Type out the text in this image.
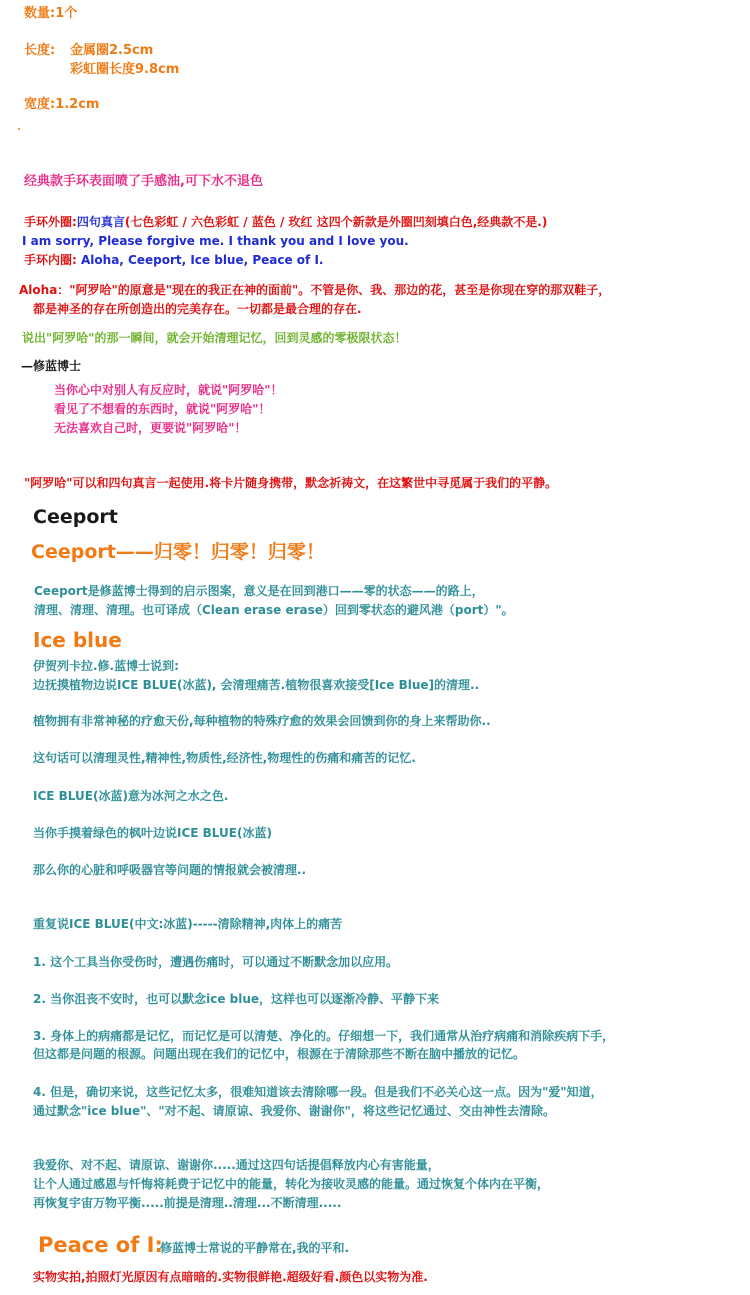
数量:1个

长度: 金属圈2.5cm

彩虹圈长度9.8cm

宽度:1.2cm

经典款手环表面喷了手感油,可下水不退色

手环外圈:四句真言(七色彩虹 / 六色彩虹 / 蓝色 / 玫红 这四个新款是外圈凹刻填白色,经典款不是.)

I am sorry, Please forgive me. I thank you and I love you.

手环内圈: Aloha, Ceeport, Ice blue, Peace of I.

Aloha："阿罗哈"的原意是"现在的我正在神的面前"。不管是你、我、那边的花，甚至是你现在穿的那双鞋子，

都是神圣的存在所创造出的完美存在。一切都是最合理的存在.

说出"阿罗哈"的那一瞬间，就会开始清理记忆，回到灵感的零极限状态！

—修蓝博士

当你心中对别人有反应时，就说"阿罗哈"！

看见了不想看的东西时，就说"阿罗哈"！

无法喜欢自己时，更要说"阿罗哈"！

"阿罗哈"可以和四句真言一起使用.将卡片随身携带，默念祈祷文，在这繁世中寻觅属于我们的平静。

Ceeport

Ceeport——归零！归零！归零！

Ceeport是修蓝博士得到的启示图案，意义是在回到港口——零的状态——的路上，

清理、清理、清理。也可译成（Clean erase erase）回到零状态的避风港（port）"。

Ice blue

伊贺列卡拉.修.蓝博士说到:

边抚摸植物边说ICE BLUE(冰蓝), 会清理痛苦.植物很喜欢接受[Ice Blue]的清理..

植物拥有非常神秘的疗愈天份,每种植物的特殊疗愈的效果会回馈到你的身上来帮助你..

这句话可以清理灵性,精神性,物质性,经济性,物理性的伤痛和痛苦的记忆.

ICE BLUE(冰蓝)意为冰河之水之色.

当你手摸着绿色的枫叶边说ICE BLUE(冰蓝)

那么你的心脏和呼吸器官等问题的情报就会被清理..

重复说ICE BLUE(中文:冰蓝)-----清除精神,肉体上的痛苦

1. 这个工具当你受伤时，遭遇伤痛时，可以通过不断默念加以应用。

2. 当你沮丧不安时，也可以默念ice blue，这样也可以逐渐冷静、平静下来

3. 身体上的病痛都是记忆，而记忆是可以清楚、净化的。仔细想一下，我们通常从治疗病痛和消除疾病下手，

但这都是问题的根源。问题出现在我们的记忆中，根源在于清除那些不断在脑中播放的记忆。

4. 但是，确切来说，这些记忆太多，很难知道该去清除哪一段。但是我们不必关心这一点。因为"爱"知道，

通过默念"ice blue"、"对不起、请原谅、我爱你、谢谢你"，将这些记忆通过、交由神性去清除。

我爱你、对不起、请原谅、谢谢你.....通过这四句话提倡释放内心有害能量，

让个人通过感恩与忏悔将耗费于记忆中的能量，转化为接收灵感的能量。通过恢复个体内在平衡，

再恢复宇宙万物平衡.....前提是清理..清理...不断清理.....

Peace of I:

修蓝博士常说的平静常在,我的平和.

实物实拍,拍照灯光原因有点暗暗的.实物很鲜艳.超级好看.颜色以实物为准.
